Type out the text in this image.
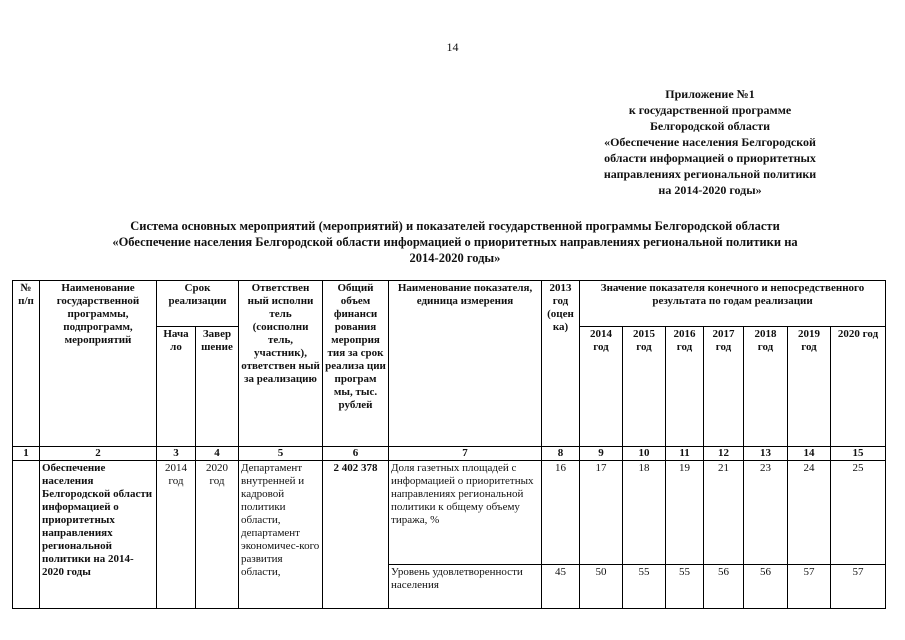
14
Приложение №1
к государственной программе
Белгородской области
«Обеспечение населения Белгородской
области информацией о приоритетных
направлениях региональной политики
на 2014-2020 годы»
Система основных мероприятий (мероприятий) и показателей государственной программы Белгородской области
«Обеспечение населения Белгородской области информацией о приоритетных направлениях региональной политики на
2014-2020 годы»
№ п/п	Наименование государственной программы, подпрограмм, мероприятий	Срок реализации		Ответствен ный исполни тель (соисполни тель, участник), ответствен ный за реализацию	Общий объем финанси рования мероприя тия за срок реализа ции програм мы, тыс. рублей	Наименование показателя, единица измерения	2013 год (оцен ка)	Значение показателя конечного и непосредственного результата по годам реализации						
		Нача ло	Завер шение					2014 год	2015 год	2016 год	2017 год	2018 год	2019 год	2020 год
1	2	3	4	5	6	7	8	9	10	11	12	13	14	15
	Обеспечение населения Белгородской области информацией о приоритетных направлениях региональной политики на 2014-2020 годы	2014 год	2020 год	Департамент внутренней и кадровой политики области, департамент экономичес-кого развития области,	2 402 378	Доля газетных площадей с информацией о приоритетных направлениях региональной политики к общему объему тиража, %	16	17	18	19	21	23	24	25
						Уровень удовлетворенности населения	45	50	55	55	56	56	57	57
